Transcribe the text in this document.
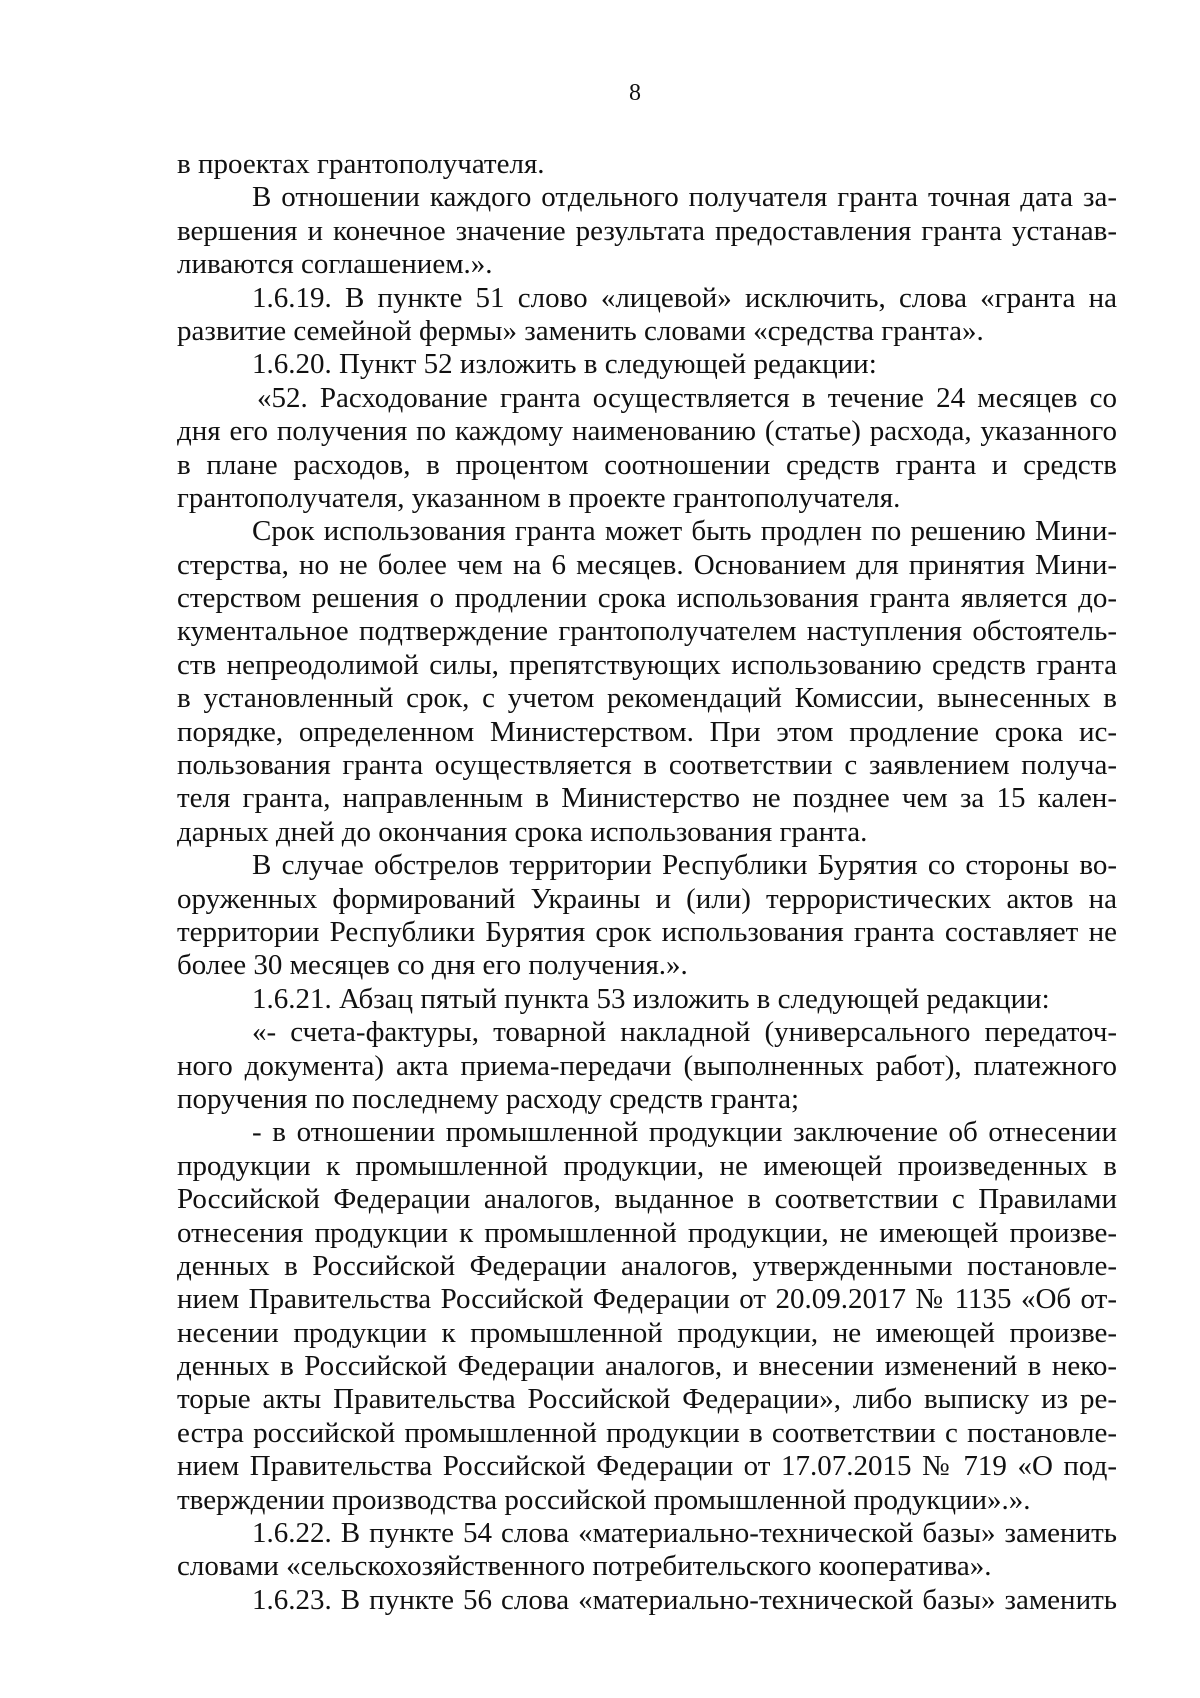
8
в проектах грантополучателя.
В отношении каждого отдельного получателя гранта точная дата за-
вершения и конечное значение результата предоставления гранта устанав-
ливаются соглашением.».
1.6.19. В пункте 51 слово «лицевой» исключить, слова «гранта на
развитие семейной фермы» заменить словами «средства гранта».
1.6.20. Пункт 52 изложить в следующей редакции:
«52. Расходование гранта осуществляется в течение 24 месяцев со
дня его получения по каждому наименованию (статье) расхода, указанного
в плане расходов, в процентом соотношении средств гранта и средств
грантополучателя, указанном в проекте грантополучателя.
Срок использования гранта может быть продлен по решению Мини-
стерства, но не более чем на 6 месяцев. Основанием для принятия Мини-
стерством решения о продлении срока использования гранта является до-
кументальное подтверждение грантополучателем наступления обстоятель-
ств непреодолимой силы, препятствующих использованию средств гранта
в установленный срок, с учетом рекомендаций Комиссии, вынесенных в
порядке, определенном Министерством. При этом продление срока ис-
пользования гранта осуществляется в соответствии с заявлением получа-
теля гранта, направленным в Министерство не позднее чем за 15 кален-
дарных дней до окончания срока использования гранта.
В случае обстрелов территории Республики Бурятия со стороны во-
оруженных формирований Украины и (или) террористических актов на
территории Республики Бурятия срок использования гранта составляет не
более 30 месяцев со дня его получения.».
1.6.21. Абзац пятый пункта 53 изложить в следующей редакции:
«- счета-фактуры, товарной накладной (универсального передаточ-
ного документа) акта приема-передачи (выполненных работ), платежного
поручения по последнему расходу средств гранта;
- в отношении промышленной продукции заключение об отнесении
продукции к промышленной продукции, не имеющей произведенных в
Российской Федерации аналогов, выданное в соответствии с Правилами
отнесения продукции к промышленной продукции, не имеющей произве-
денных в Российской Федерации аналогов, утвержденными постановле-
нием Правительства Российской Федерации от 20.09.2017 № 1135 «Об от-
несении продукции к промышленной продукции, не имеющей произве-
денных в Российской Федерации аналогов, и внесении изменений в неко-
торые акты Правительства Российской Федерации», либо выписку из ре-
естра российской промышленной продукции в соответствии с постановле-
нием Правительства Российской Федерации от 17.07.2015 № 719 «О под-
тверждении производства российской промышленной продукции».».
1.6.22. В пункте 54 слова «материально-технической базы» заменить
словами «сельскохозяйственного потребительского кооператива».
1.6.23. В пункте 56 слова «материально-технической базы» заменить
